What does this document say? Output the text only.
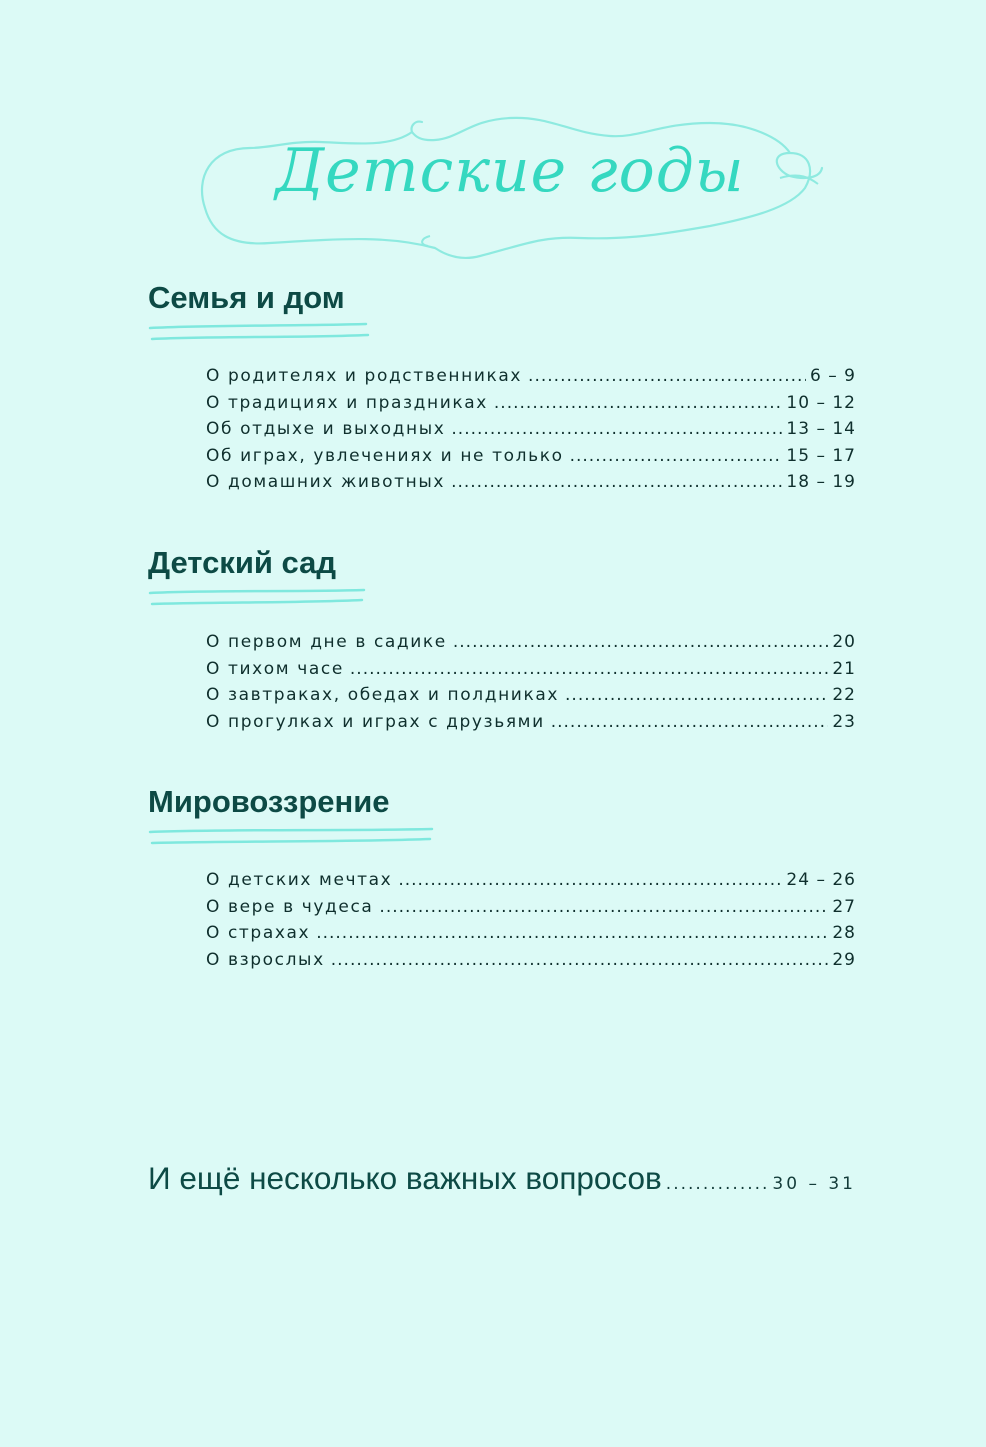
Детские годы
Семья и дом
О родителях и родственниках .....	6 – 9
О традициях и праздниках .....	10 – 12
Об отдыхе и выходных .....	13 – 14
Об играх, увлечениях и не только .....	15 – 17
О домашних животных .....	18 – 19
Детский сад
О первом дне в садике .....	20
О тихом часе .....	21
О завтраках, обедах и полдниках .....	22
О прогулках и играх с друзьями .....	23
Мировоззрение
О детских мечтах .....	24 – 26
О вере в чудеса .....	27
О страхах .....	28
О взрослых .....	29
И ещё несколько важных вопросов .....	30 – 31
